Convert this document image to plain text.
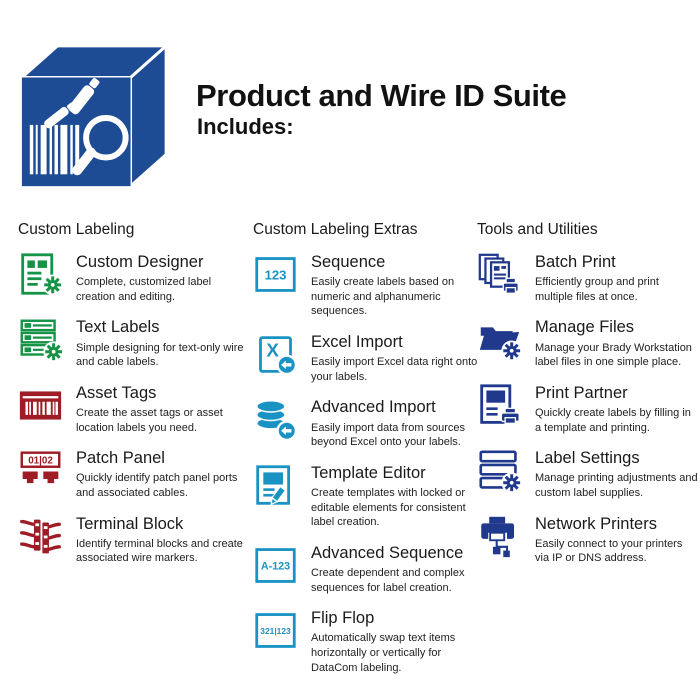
Product and Wire ID Suite
Includes:
Custom Labeling
Custom Designer
Complete, customized label creation and editing.
Text Labels
Simple designing for text-only wire and cable labels.
Asset Tags
Create the asset tags or asset location labels you need.
01|02 Patch Panel
Quickly identify patch panel ports and associated cables.
Terminal Block
Identify terminal blocks and create associated wire markers.
Custom Labeling Extras
123
Sequence
Easily create labels based on numeric and alphanumeric sequences.
X Excel Import
Easily import Excel data right onto your labels.
Advanced Import
Easily import data from sources beyond Excel onto your labels.
Template Editor
Create templates with locked or editable elements for consistent label creation.
A-123
Advanced Sequence
Create dependent and complex sequences for label creation.
321|123
Flip Flop
Automatically swap text items horizontally or vertically for DataCom labeling.
Tools and Utilities
Batch Print
Efficiently group and print multiple files at once.
Manage Files
Manage your Brady Workstation label files in one simple place.
Print Partner
Quickly create labels by filling in a template and printing.
Label Settings
Manage printing adjustments and custom label supplies.
Network Printers
Easily connect to your printers via IP or DNS address.
